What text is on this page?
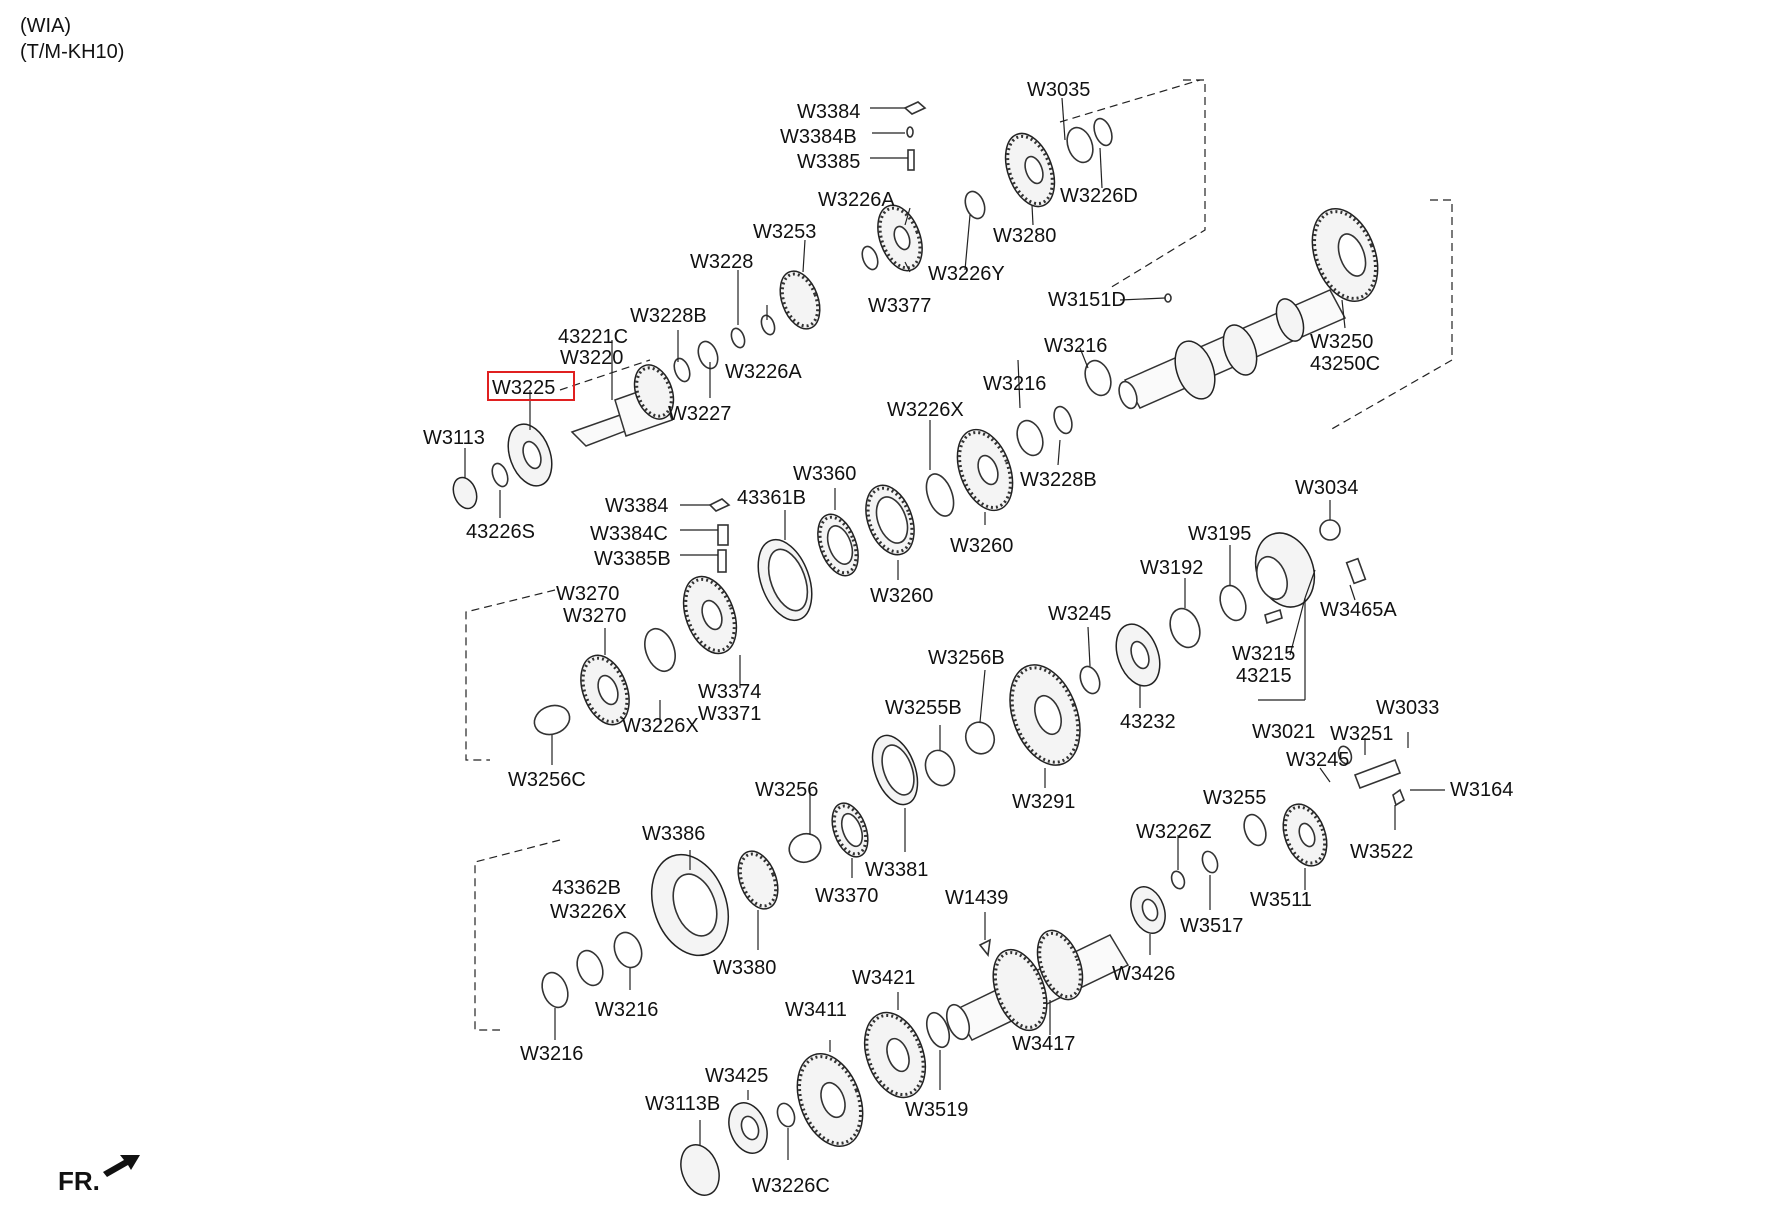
(WIA)
(T/M-KH10)
W3035
W3384
W3384B
W3385
W3226A	W3226D
W3280
W3253
W3228
W3228B
W3226Y
W3377	W3151D
W3250
43250C
43221C
W3220
W3225
W3227
W3226A
W3216
W3216
W3113
43226S
W3226X
W3228B
W3384	43361B
W3360
W3384C
W3385B
W3260
W3260
W3034
W3195
W3192
W3465A
W3270
W3270	W3245
W3256B	W3215
43215
W3374
W3371
W3226X
W3255B
43232	W3021 W3251
W3033
W3256C
W3245
W3164
W3256
W3291	W3255
W3522
W3386
W3381
W3226Z
43362B	W3370	W1439
W3226X
W3511
W3517
W3380
W3216
W3426
W3421
W3411
W3216	W3417
W3425
W3519
W3113B
W3226C
FR.
